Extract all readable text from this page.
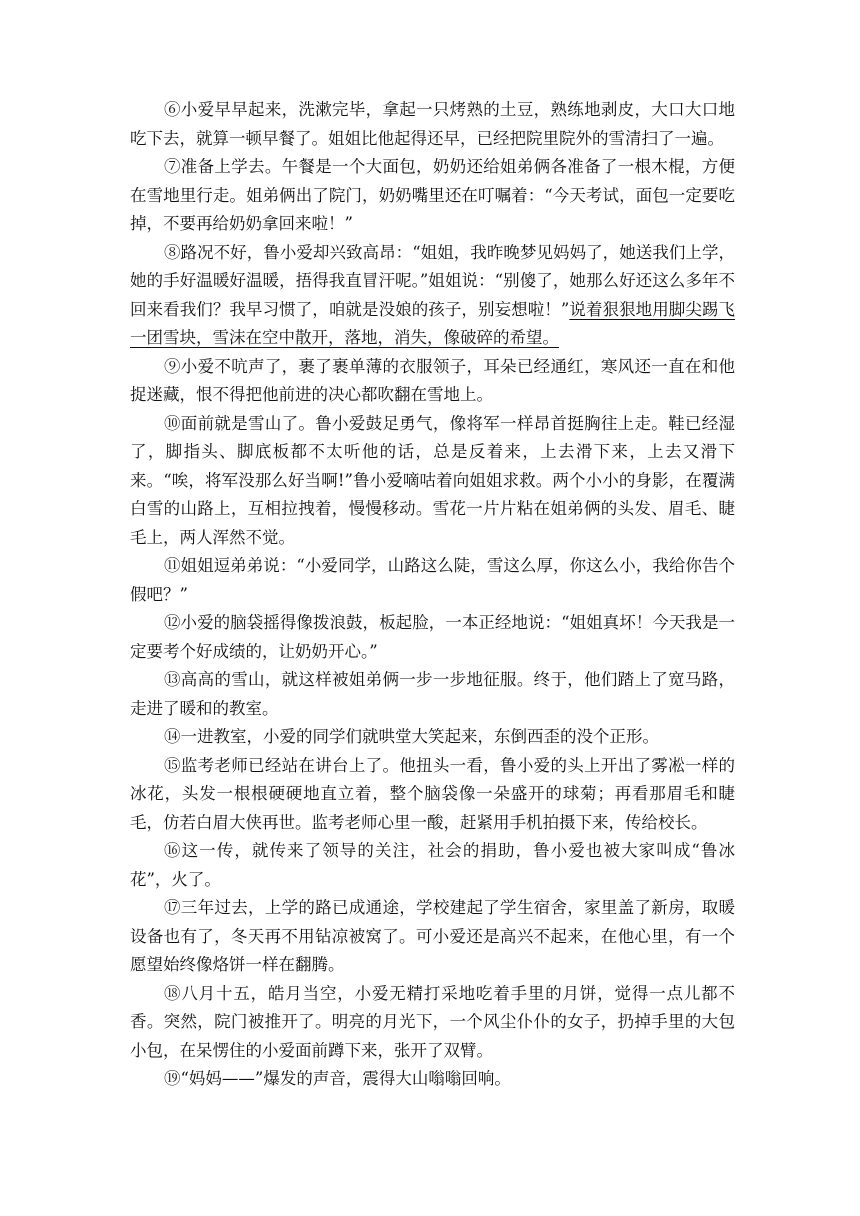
⑥小爱早早起来，洗漱完毕，拿起一只烤熟的土豆，熟练地剥皮，大口大口地吃下去，就算一顿早餐了。姐姐比他起得还早，已经把院里院外的雪清扫了一遍。

⑦准备上学去。午餐是一个大面包，奶奶还给姐弟俩各准备了一根木棍，方便在雪地里行走。姐弟俩出了院门，奶奶嘴里还在叮嘱着：“今天考试，面包一定要吃掉，不要再给奶奶拿回来啦！”

⑧路况不好，鲁小爱却兴致高昂：“姐姐，我昨晚梦见妈妈了，她送我们上学，她的手好温暖好温暖，捂得我直冒汗呢。”姐姐说：“别傻了，她那么好还这么多年不回来看我们？我早习惯了，咱就是没娘的孩子，别妄想啦！”说着狠狠地用脚尖踢飞一团雪块，雪沫在空中散开，落地，消失，像破碎的希望。

⑨小爱不吭声了，裹了裹单薄的衣服领子，耳朵已经通红，寒风还一直在和他捉迷藏，恨不得把他前进的决心都吹翻在雪地上。

⑩面前就是雪山了。鲁小爱鼓足勇气，像将军一样昂首挺胸往上走。鞋已经湿了，脚指头、脚底板都不太听他的话，总是反着来，上去滑下来，上去又滑下来。“唉，将军没那么好当啊!”鲁小爱嘀咕着向姐姐求救。两个小小的身影，在覆满白雪的山路上，互相拉拽着，慢慢移动。雪花一片片粘在姐弟俩的头发、眉毛、睫毛上，两人浑然不觉。

⑪姐姐逗弟弟说：“小爱同学，山路这么陡，雪这么厚，你这么小，我给你告个假吧？”

⑫小爱的脑袋摇得像拨浪鼓，板起脸，一本正经地说：“姐姐真坏！今天我是一定要考个好成绩的，让奶奶开心。”

⑬高高的雪山，就这样被姐弟俩一步一步地征服。终于，他们踏上了宽马路，走进了暖和的教室。

⑭一进教室，小爱的同学们就哄堂大笑起来，东倒西歪的没个正形。

⑮监考老师已经站在讲台上了。他扭头一看，鲁小爱的头上开出了雾凇一样的冰花，头发一根根硬硬地直立着，整个脑袋像一朵盛开的球菊；再看那眉毛和睫毛，仿若白眉大侠再世。监考老师心里一酸，赶紧用手机拍摄下来，传给校长。

⑯这一传，就传来了领导的关注，社会的捐助，鲁小爱也被大家叫成“鲁冰花”，火了。

⑰三年过去，上学的路已成通途，学校建起了学生宿舍，家里盖了新房，取暖设备也有了，冬天再不用钻凉被窝了。可小爱还是高兴不起来，在他心里，有一个愿望始终像烙饼一样在翻腾。

⑱八月十五，皓月当空，小爱无精打采地吃着手里的月饼，觉得一点儿都不香。突然，院门被推开了。明亮的月光下，一个风尘仆仆的女子，扔掉手里的大包小包，在呆愣住的小爱面前蹲下来，张开了双臂。

⑲“妈妈——”爆发的声音，震得大山嗡嗡回响。
